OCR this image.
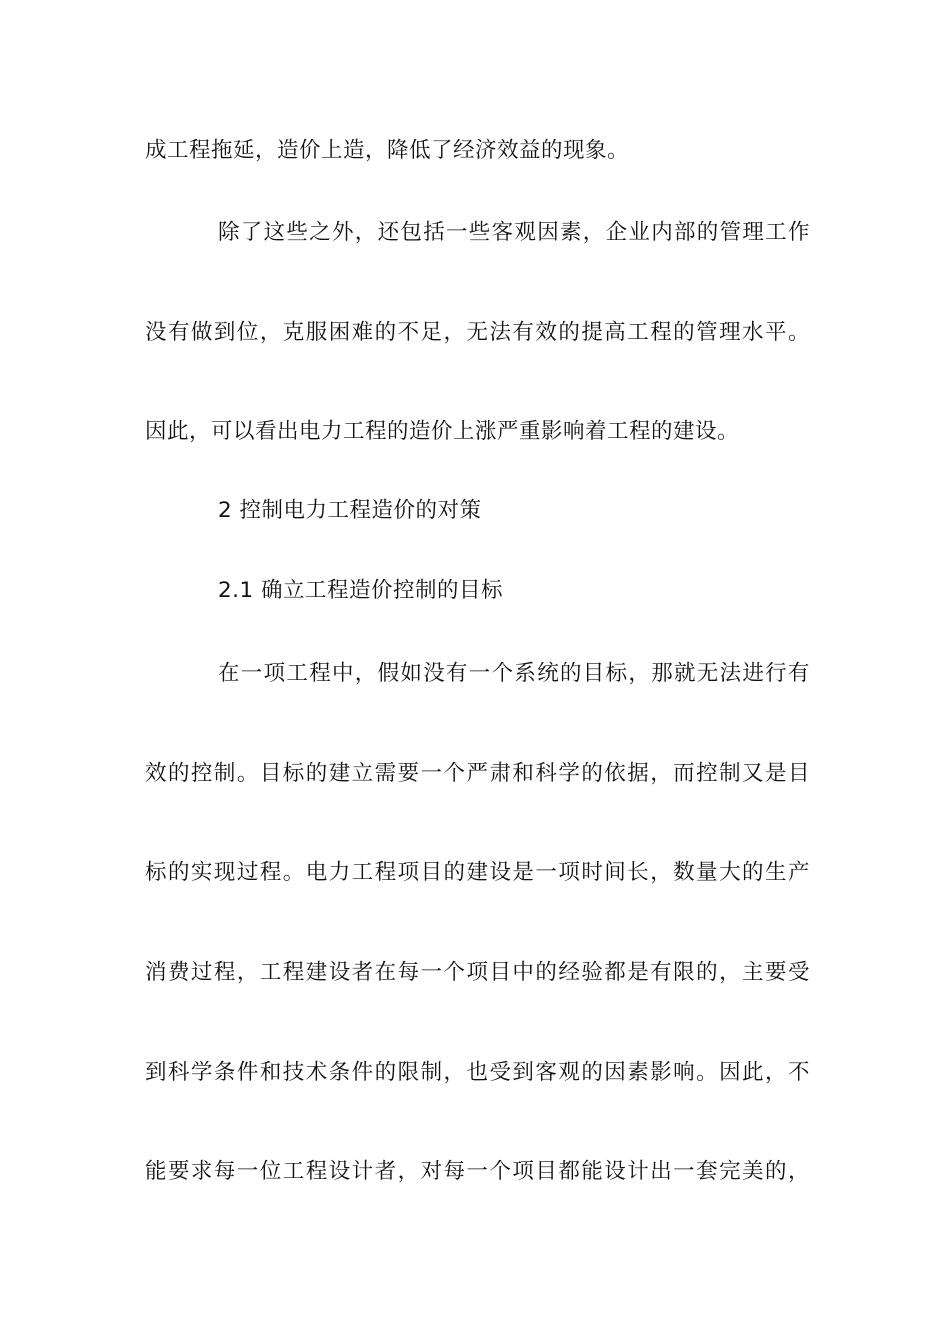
成工程拖延，造价上造，降低了经济效益的现象。
除了这些之外，还包括一些客观因素，企业内部的管理工作
没有做到位，克服困难的不足，无法有效的提高工程的管理水平。
因此，可以看出电力工程的造价上涨严重影响着工程的建设。
2 控制电力工程造价的对策
2.1 确立工程造价控制的目标
在一项工程中，假如没有一个系统的目标，那就无法进行有
效的控制。目标的建立需要一个严肃和科学的依据，而控制又是目
标的实现过程。电力工程项目的建设是一项时间长，数量大的生产
消费过程，工程建设者在每一个项目中的经验都是有限的，主要受
到科学条件和技术条件的限制，也受到客观的因素影响。因此，不
能要求每一位工程设计者，对每一个项目都能设计出一套完美的，
